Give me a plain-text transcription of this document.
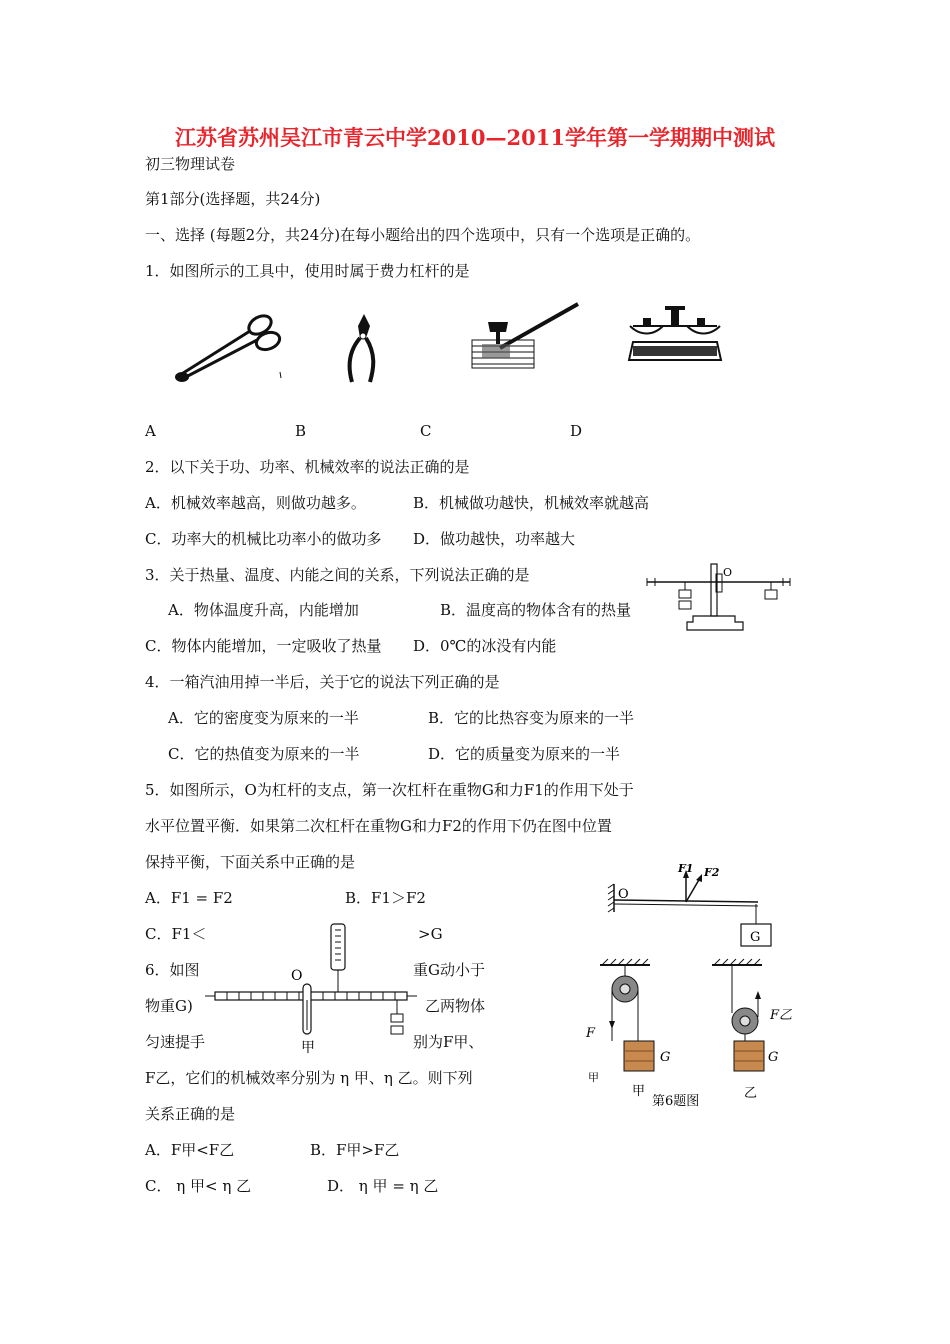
江苏省苏州吴江市青云中学2010—2011学年第一学期期中测试
初三物理试卷
第1部分(选择题，共24分)
一、选择 (每题2分，共24分)在每小题给出的四个选项中，只有一个选项是正确的。
1．如图所示的工具中，使用时属于费力杠杆的是
A	B	C	D
2．以下关于功、功率、机械效率的说法正确的是
A．机械效率越高，则做功越多。	B．机械做功越快，机械效率就越高
C．功率大的机械比功率小的做功多 D．做功越快，功率越大
3．关于热量、温度、内能之间的关系，下列说法正确的是
A．物体温度升高，内能增加	B．温度高的物体含有的热量
C．物体内能增加，一定吸收了热量 D．0℃的冰没有内能
O
4．一箱汽油用掉一半后，关于它的说法下列正确的是
A．它的密度变为原来的一半	B．它的比热容变为原来的一半
C．它的热值变为原来的一半	D．它的质量变为原来的一半
5．如图所示，O为杠杆的支点，第一次杠杆在重物G和力F1的作用下处于
水平位置平衡．如果第二次杠杆在重物G和力F2的作用下仍在图中位置
保持平衡，下面关系中正确的是
A．F1 = F2	B．F1＞F2
C．F1＜	>G
O
F1 F2
G
6．如图	重G动小于
物重G)	乙两物体
匀速提手	别为F甲、
F乙，它们的机械效率分别为 η 甲、η 乙。则下列
关系正确的是
A．F甲<F乙	B．F甲>F乙
C． η 甲< η 乙	D． η 甲 = η 乙
O
甲
F
G
甲
甲
F乙
G
乙
第6题图
